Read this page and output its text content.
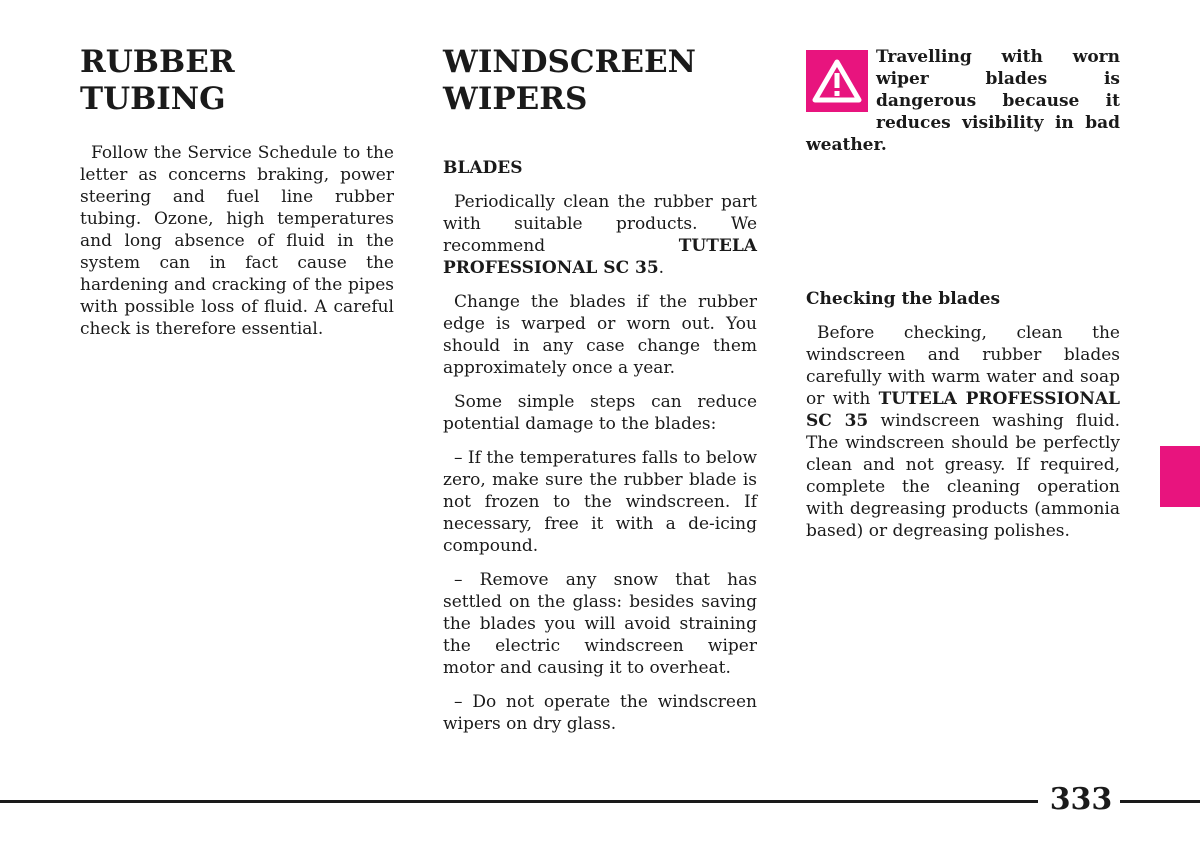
RUBBER
TUBING

Follow the Service Schedule to the letter as concerns braking, power steering and fuel line rubber tubing. Ozone, high temperatures and long absence of fluid in the system can in fact cause the hardening and cracking of the pipes with possible loss of fluid. A careful check is therefore essential.

WINDSCREEN
WIPERS
BLADES

Periodically clean the rubber part with suitable products. We recommend	TUTELA PROFESSIONAL SC 35.

Change the blades if the rubber edge is warped or worn out. You should in any case change them approximately once a year.

Some simple steps can reduce potential damage to the blades:

– If the temperatures falls to below zero, make sure the rubber blade is not frozen to the windscreen. If necessary, free it with a de-icing compound.

– Remove any snow that has settled on the glass: besides saving the blades you will avoid straining the electric windscreen wiper motor and causing it to overheat.

– Do not operate the windscreen wipers on dry glass.

Travelling with worn wiper blades is dangerous because it reduces visibility in bad weather.

Checking the blades

Before checking, clean the windscreen and rubber blades carefully with warm water and soap or with TUTELA PROFESSIONAL SC 35 windscreen washing fluid. The windscreen should be perfectly clean and not greasy. If required, complete the cleaning operation with degreasing products (ammonia based) or degreasing polishes.

333
